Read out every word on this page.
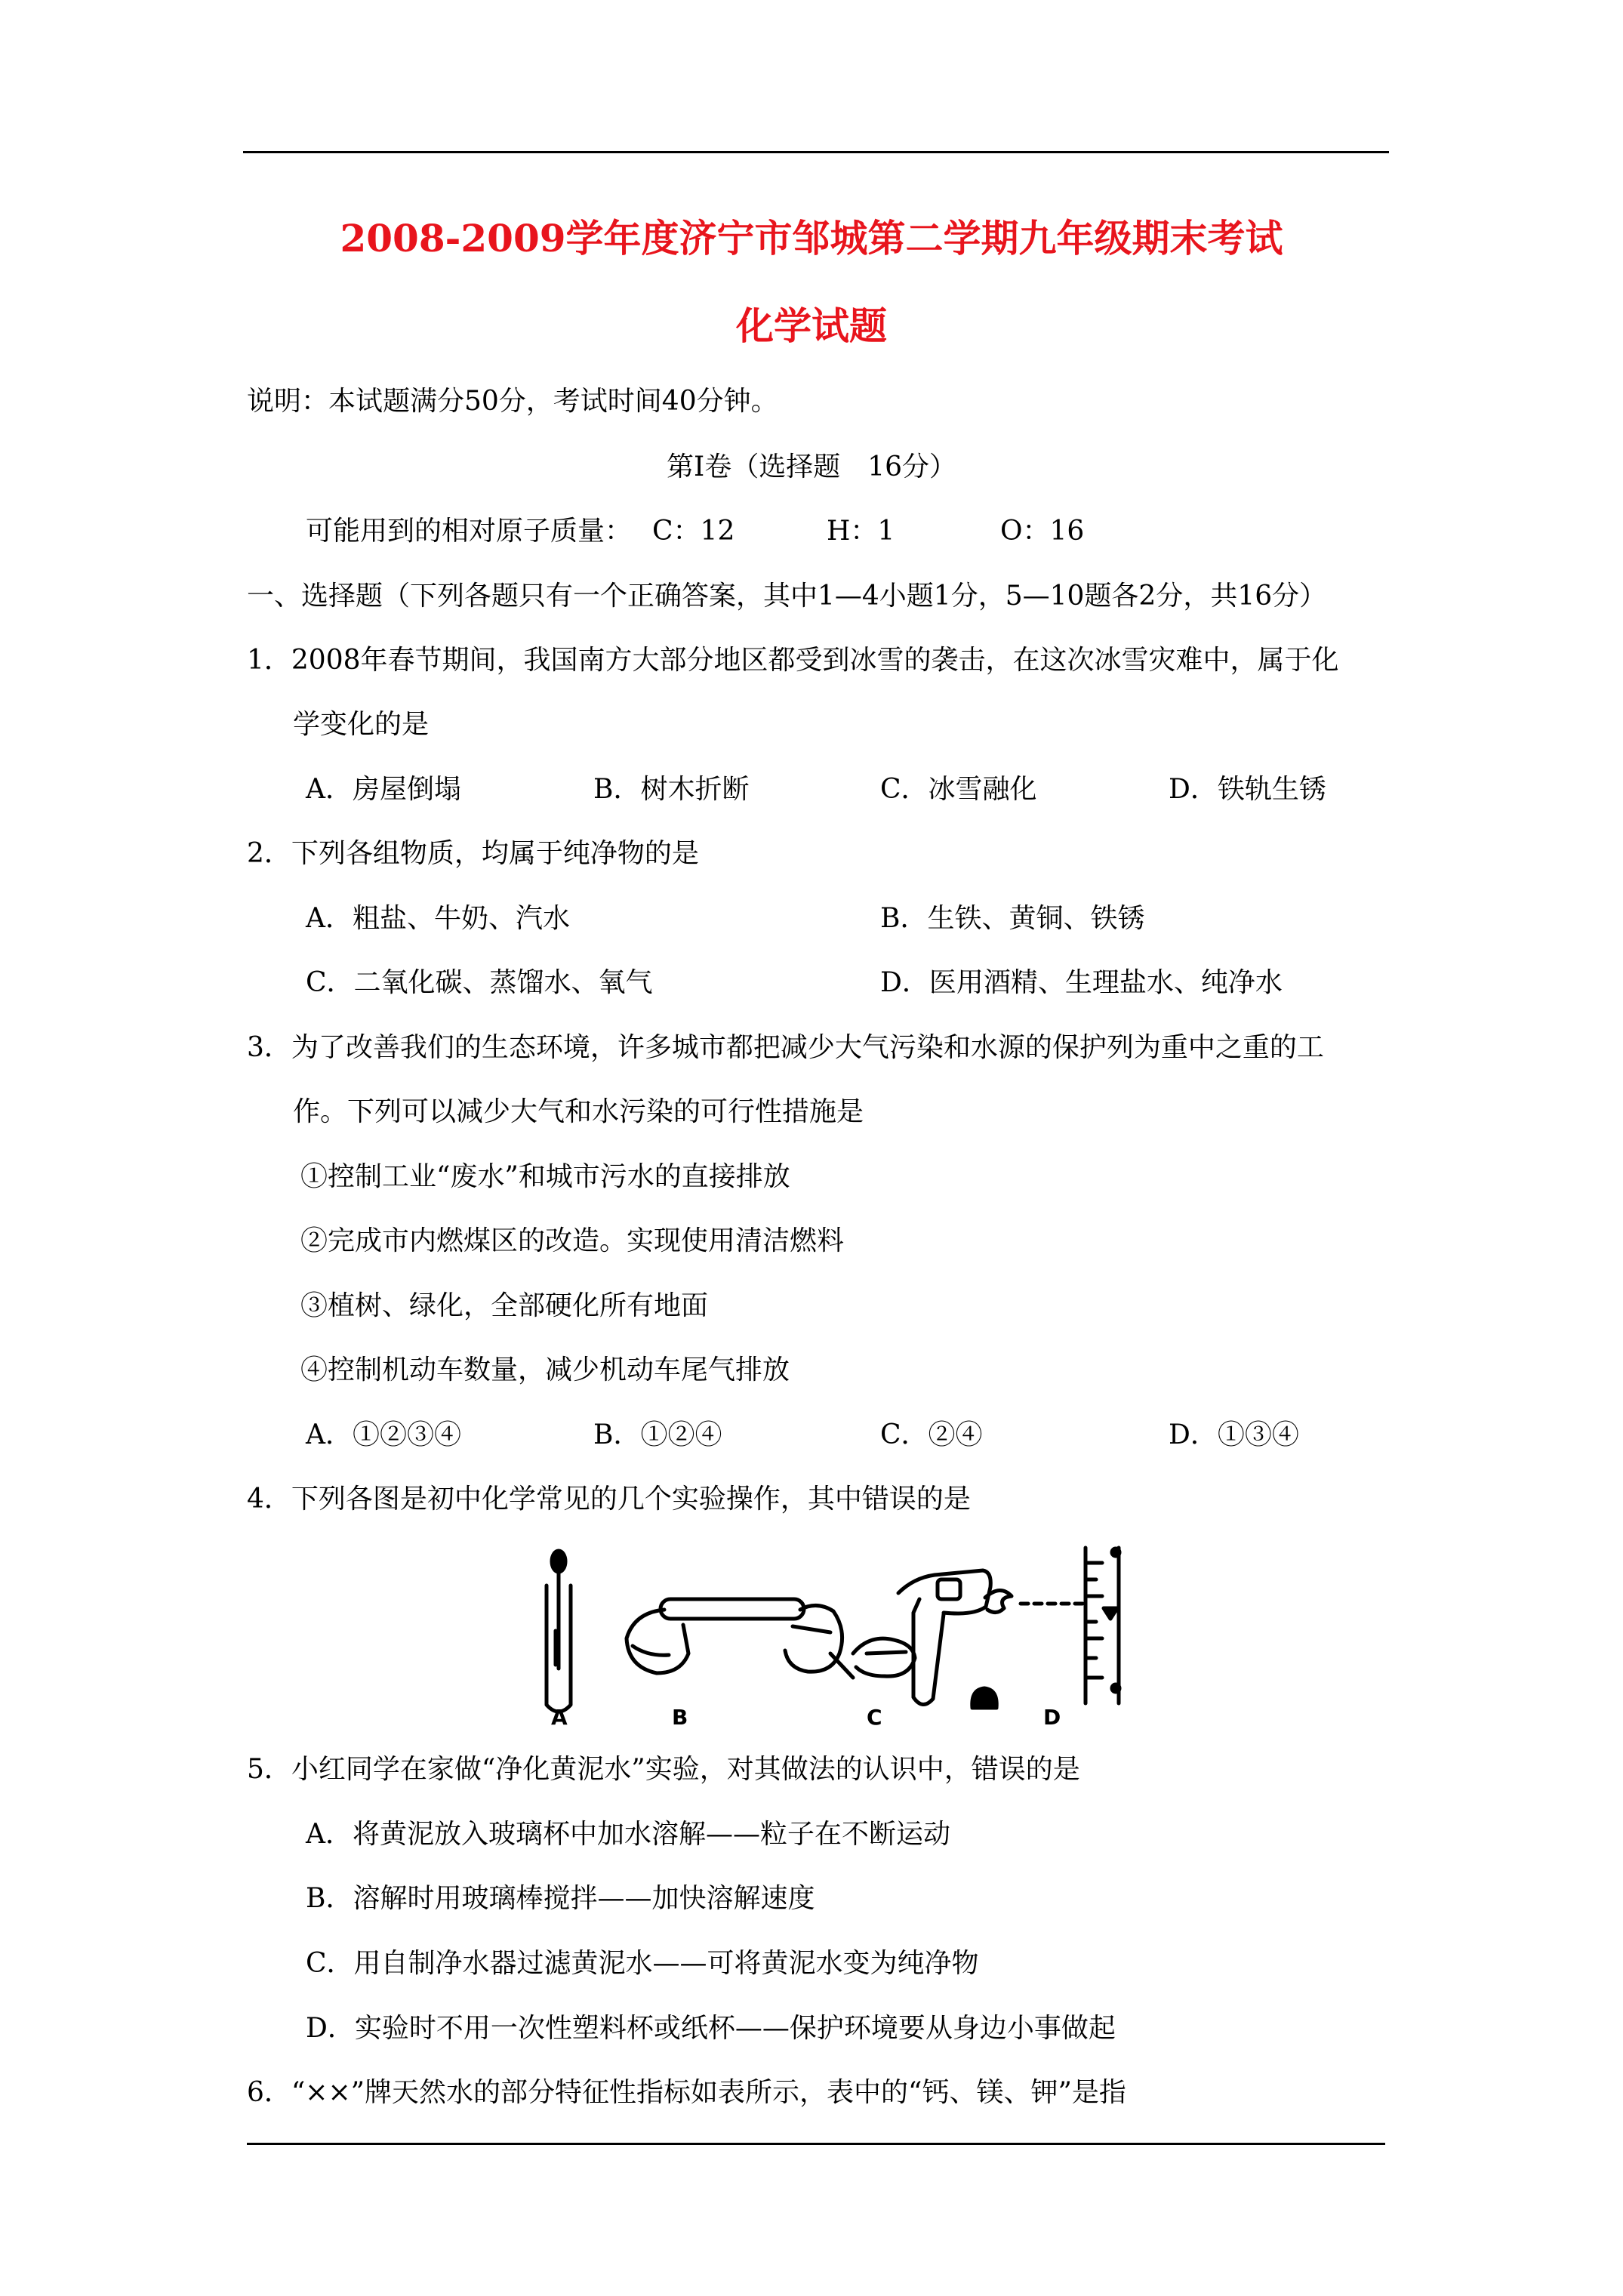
2008-2009学年度济宁市邹城第二学期九年级期末考试
化学试题
说明：本试题满分50分，考试时间40分钟。
第Ⅰ卷（选择题　16分）
可能用到的相对原子质量： C：12	H：1	O：16
一、选择题（下列各题只有一个正确答案，其中1—4小题1分，5—10题各2分，共16分）
1．2008年春节期间，我国南方大部分地区都受到冰雪的袭击，在这次冰雪灾难中，属于化
学变化的是
A．房屋倒塌	B．树木折断	C．冰雪融化	D．铁轨生锈
2．下列各组物质，均属于纯净物的是
A．粗盐、牛奶、汽水	B．生铁、黄铜、铁锈
C．二氧化碳、蒸馏水、氧气	D．医用酒精、生理盐水、纯净水
3．为了改善我们的生态环境，许多城市都把减少大气污染和水源的保护列为重中之重的工
作。下列可以减少大气和水污染的可行性措施是
①控制工业“废水”和城市污水的直接排放
②完成市内燃煤区的改造。实现使用清洁燃料
③植树、绿化，全部硬化所有地面
④控制机动车数量，减少机动车尾气排放
A．①②③④	B．①②④	C．②④	D．①③④
4．下列各图是初中化学常见的几个实验操作，其中错误的是
A	B	C	D
5．小红同学在家做“净化黄泥水”实验，对其做法的认识中，错误的是
A．将黄泥放入玻璃杯中加水溶解——粒子在不断运动
B．溶解时用玻璃棒搅拌——加快溶解速度
C．用自制净水器过滤黄泥水——可将黄泥水变为纯净物
D．实验时不用一次性塑料杯或纸杯——保护环境要从身边小事做起
6．“××”牌天然水的部分特征性指标如表所示，表中的“钙、镁、钾”是指
